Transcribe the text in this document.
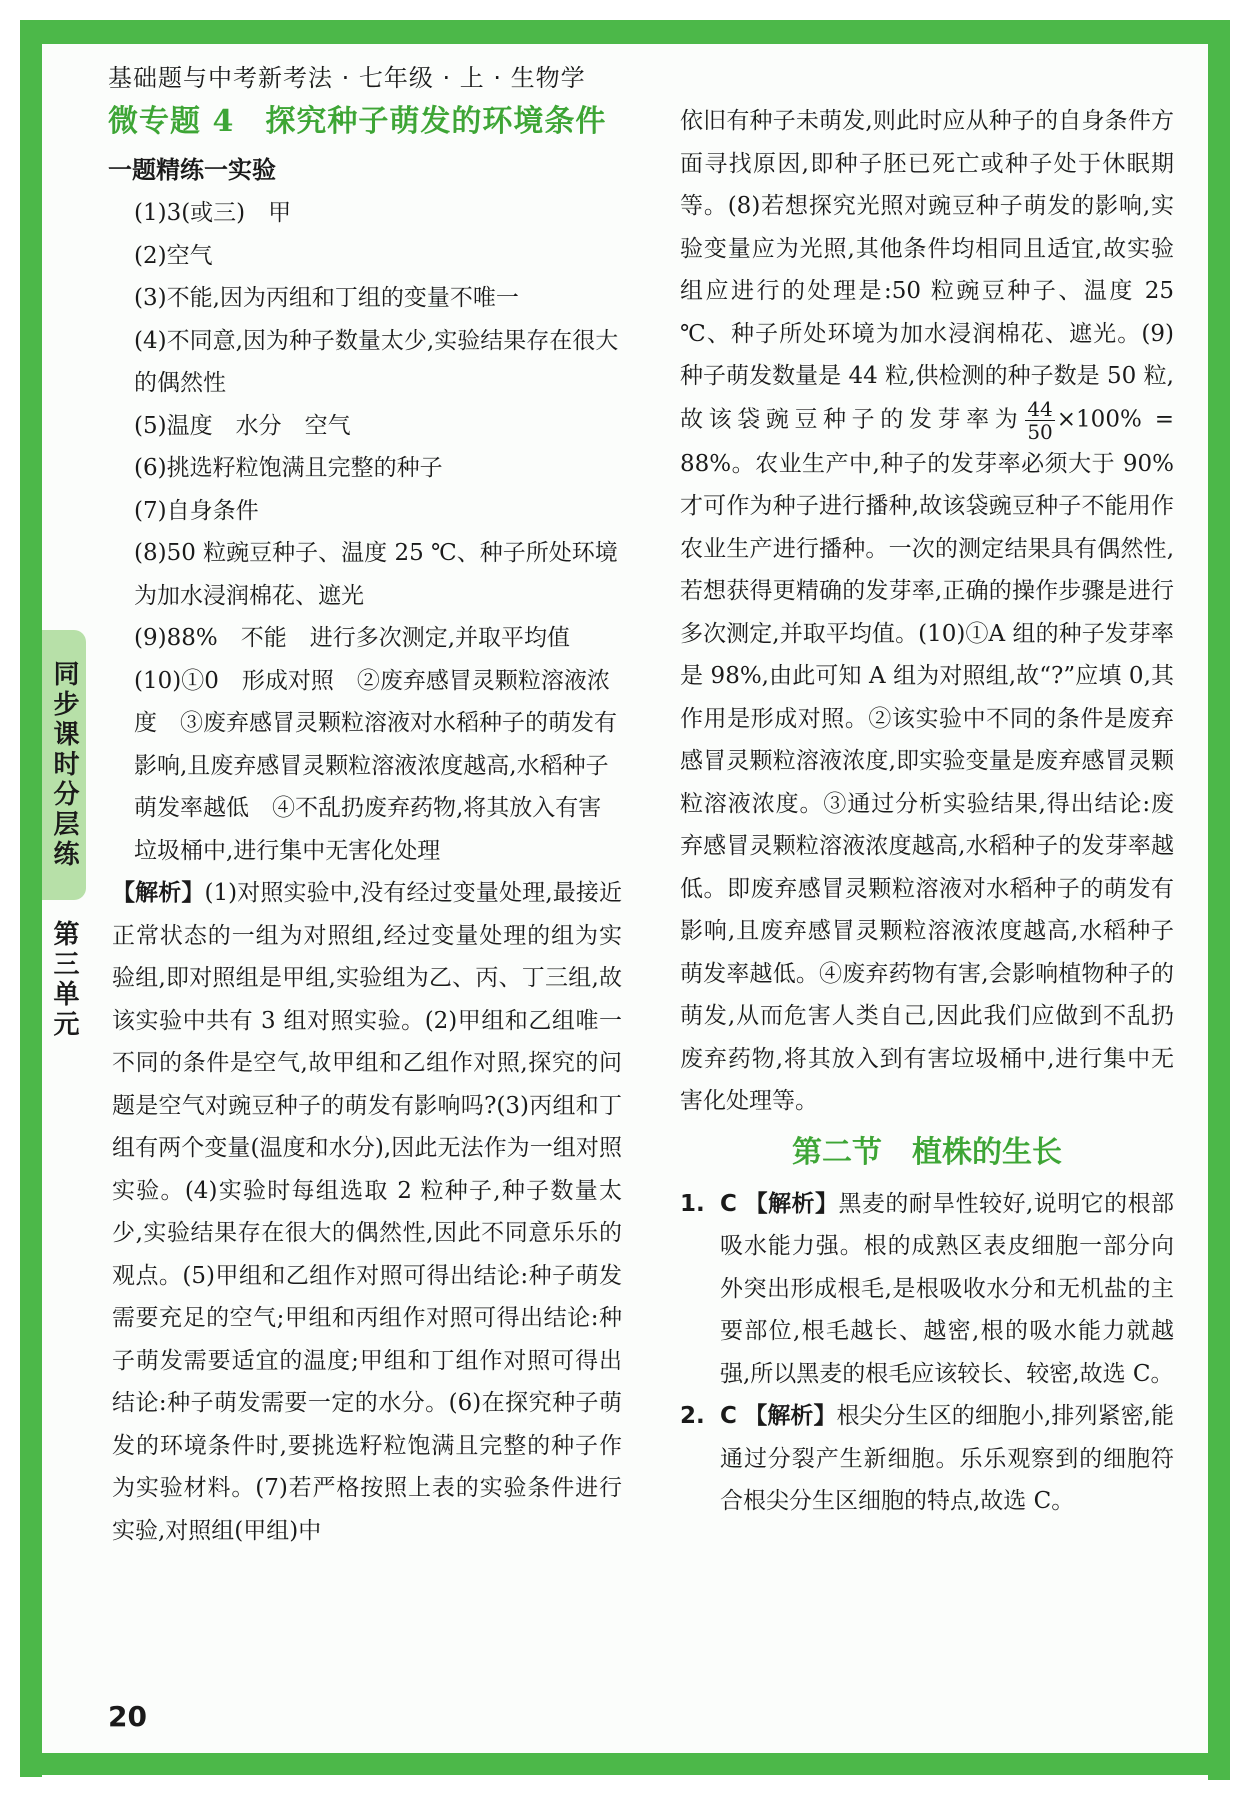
基础题与中考新考法 · 七年级 · 上 · 生物学
同步课时分层练
第三单元
微专题 4　探究种子萌发的环境条件
一题精练一实验

(1)3(或三)　甲

(2)空气

(3)不能,因为丙组和丁组的变量不唯一

(4)不同意,因为种子数量太少,实验结果存在很大的偶然性

(5)温度　水分　空气

(6)挑选籽粒饱满且完整的种子

(7)自身条件

(8)50 粒豌豆种子、温度 25 ℃、种子所处环境为加水浸润棉花、遮光

(9)88%　不能　进行多次测定,并取平均值

(10)①0　形成对照　②废弃感冒灵颗粒溶液浓度　③废弃感冒灵颗粒溶液对水稻种子的萌发有影响,且废弃感冒灵颗粒溶液浓度越高,水稻种子萌发率越低　④不乱扔废弃药物,将其放入有害垃圾桶中,进行集中无害化处理

【解析】(1)对照实验中,没有经过变量处理,最接近正常状态的一组为对照组,经过变量处理的组为实验组,即对照组是甲组,实验组为乙、丙、丁三组,故该实验中共有 3 组对照实验。(2)甲组和乙组唯一不同的条件是空气,故甲组和乙组作对照,探究的问题是空气对豌豆种子的萌发有影响吗?(3)丙组和丁组有两个变量(温度和水分),因此无法作为一组对照实验。(4)实验时每组选取 2 粒种子,种子数量太少,实验结果存在很大的偶然性,因此不同意乐乐的观点。(5)甲组和乙组作对照可得出结论:种子萌发需要充足的空气;甲组和丙组作对照可得出结论:种子萌发需要适宜的温度;甲组和丁组作对照可得出结论:种子萌发需要一定的水分。(6)在探究种子萌发的环境条件时,要挑选籽粒饱满且完整的种子作为实验材料。(7)若严格按照上表的实验条件进行实验,对照组(甲组)中

依旧有种子未萌发,则此时应从种子的自身条件方面寻找原因,即种子胚已死亡或种子处于休眠期等。(8)若想探究光照对豌豆种子萌发的影响,实验变量应为光照,其他条件均相同且适宜,故实验组应进行的处理是:50 粒豌豆种子、温度 25 ℃、种子所处环境为加水浸润棉花、遮光。(9)种子萌发数量是 44 粒,供检测的种子数是 50 粒,故该袋豌豆种子的发芽率为 $\frac{44}{50} \times 100\% = 88\%$。农业生产中,种子的发芽率必须大于 90% 才可作为种子进行播种,故该袋豌豆种子不能用作农业生产进行播种。一次的测定结果具有偶然性,若想获得更精确的发芽率,正确的操作步骤是进行多次测定,并取平均值。(10)①A 组的种子发芽率是 98%,由此可知 A 组为对照组,故“?”应填 0,其作用是形成对照。②该实验中不同的条件是废弃感冒灵颗粒溶液浓度,即实验变量是废弃感冒灵颗粒溶液浓度。③通过分析实验结果,得出结论:废弃感冒灵颗粒溶液浓度越高,水稻种子的发芽率越低。即废弃感冒灵颗粒溶液对水稻种子的萌发有影响,且废弃感冒灵颗粒溶液浓度越高,水稻种子萌发率越低。④废弃药物有害,会影响植物种子的萌发,从而危害人类自己,因此我们应做到不乱扔废弃药物,将其放入到有害垃圾桶中,进行集中无害化处理等。

第二节　植株的生长

1. C 【解析】黑麦的耐旱性较好,说明它的根部吸水能力强。根的成熟区表皮细胞一部分向外突出形成根毛,是根吸收水分和无机盐的主要部位,根毛越长、越密,根的吸水能力就越强,所以黑麦的根毛应该较长、较密,故选 C。

2. C 【解析】根尖分生区的细胞小,排列紧密,能通过分裂产生新细胞。乐乐观察到的细胞符合根尖分生区细胞的特点,故选 C。

20
